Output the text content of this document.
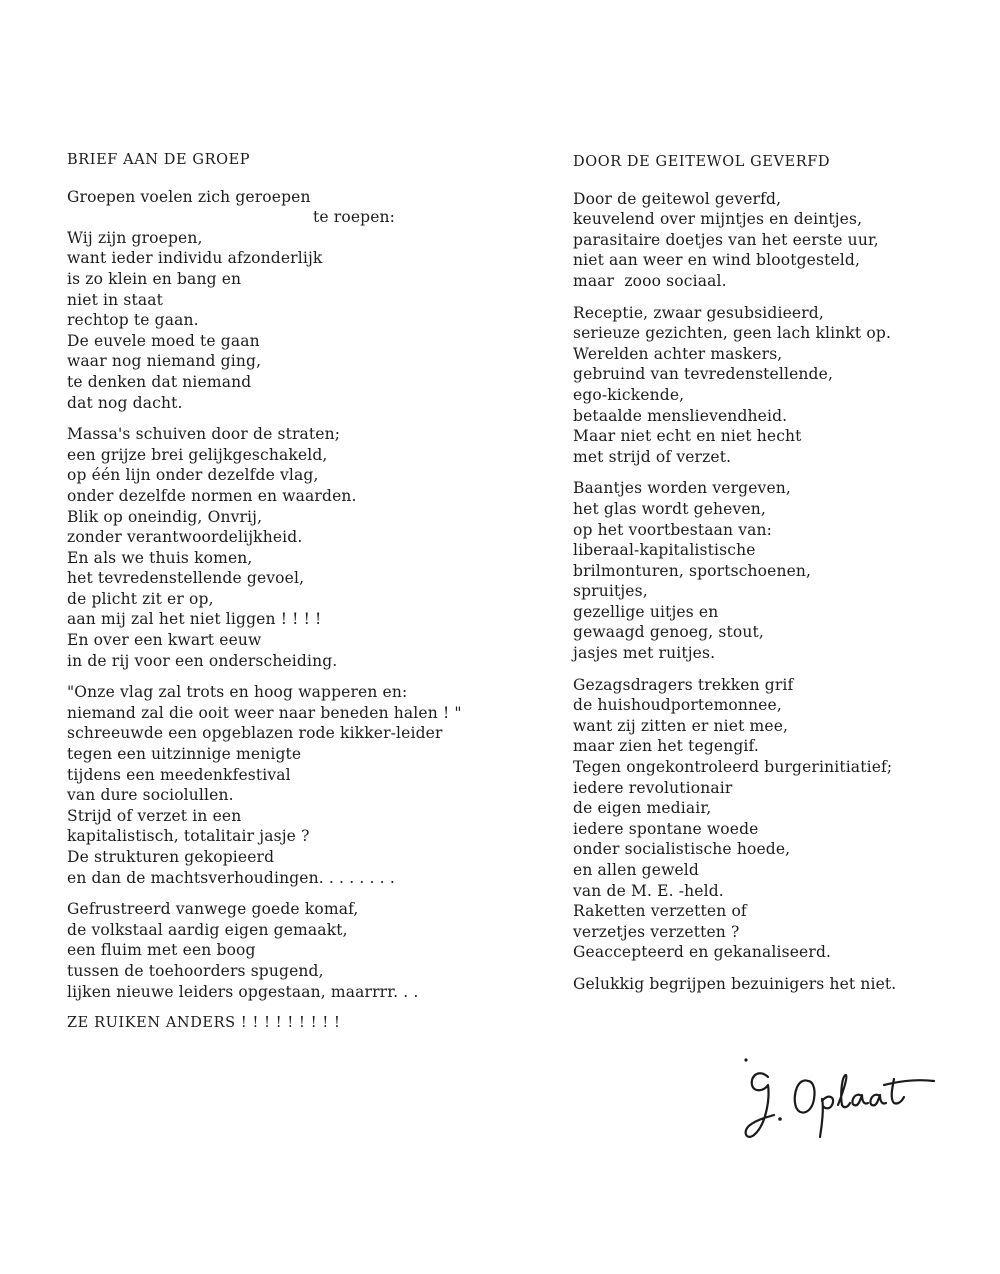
BRIEF AAN DE GROEP
Groepen voelen zich geroepen
te roepen:
Wij zijn groepen,
want ieder individu afzonderlijk
is zo klein en bang en
niet in staat
rechtop te gaan.
De euvele moed te gaan
waar nog niemand ging,
te denken dat niemand
dat nog dacht.
Massa's schuiven door de straten;
een grijze brei gelijkgeschakeld,
op één lijn onder dezelfde vlag,
onder dezelfde normen en waarden.
Blik op oneindig, Onvrij,
zonder verantwoordelijkheid.
En als we thuis komen,
het tevredenstellende gevoel,
de plicht zit er op,
aan mij zal het niet liggen ! ! ! !
En over een kwart eeuw
in de rij voor een onderscheiding.
"Onze vlag zal trots en hoog wapperen en:
niemand zal die ooit weer naar beneden halen ! "
schreeuwde een opgeblazen rode kikker-leider
tegen een uitzinnige menigte
tijdens een meedenkfestival
van dure sociolullen.
Strijd of verzet in een
kapitalistisch, totalitair jasje ?
De strukturen gekopieerd
en dan de machtsverhoudingen. . . . . . . .
Gefrustreerd vanwege goede komaf,
de volkstaal aardig eigen gemaakt,
een fluim met een boog
tussen de toehoorders spugend,
lijken nieuwe leiders opgestaan, maarrrr. . .
ZE RUIKEN ANDERS ! ! ! ! ! ! ! ! !
DOOR DE GEITEWOL GEVERFD
Door de geitewol geverfd,
keuvelend over mijntjes en deintjes,
parasitaire doetjes van het eerste uur,
niet aan weer en wind blootgesteld,
maar  zooo sociaal.
Receptie, zwaar gesubsidieerd,
serieuze gezichten, geen lach klinkt op.
Werelden achter maskers,
gebruind van tevredenstellende,
ego-kickende,
betaalde menslievendheid.
Maar niet echt en niet hecht
met strijd of verzet.
Baantjes worden vergeven,
het glas wordt geheven,
op het voortbestaan van:
liberaal-kapitalistische
brilmonturen, sportschoenen,
spruitjes,
gezellige uitjes en
gewaagd genoeg, stout,
jasjes met ruitjes.
Gezagsdragers trekken grif
de huishoudportemonnee,
want zij zitten er niet mee,
maar zien het tegengif.
Tegen ongekontroleerd burgerinitiatief;
iedere revolutionair
de eigen mediair,
iedere spontane woede
onder socialistische hoede,
en allen geweld
van de M. E. -held.
Raketten verzetten of
verzetjes verzetten ?
Geaccepteerd en gekanaliseerd.
Gelukkig begrijpen bezuinigers het niet.
